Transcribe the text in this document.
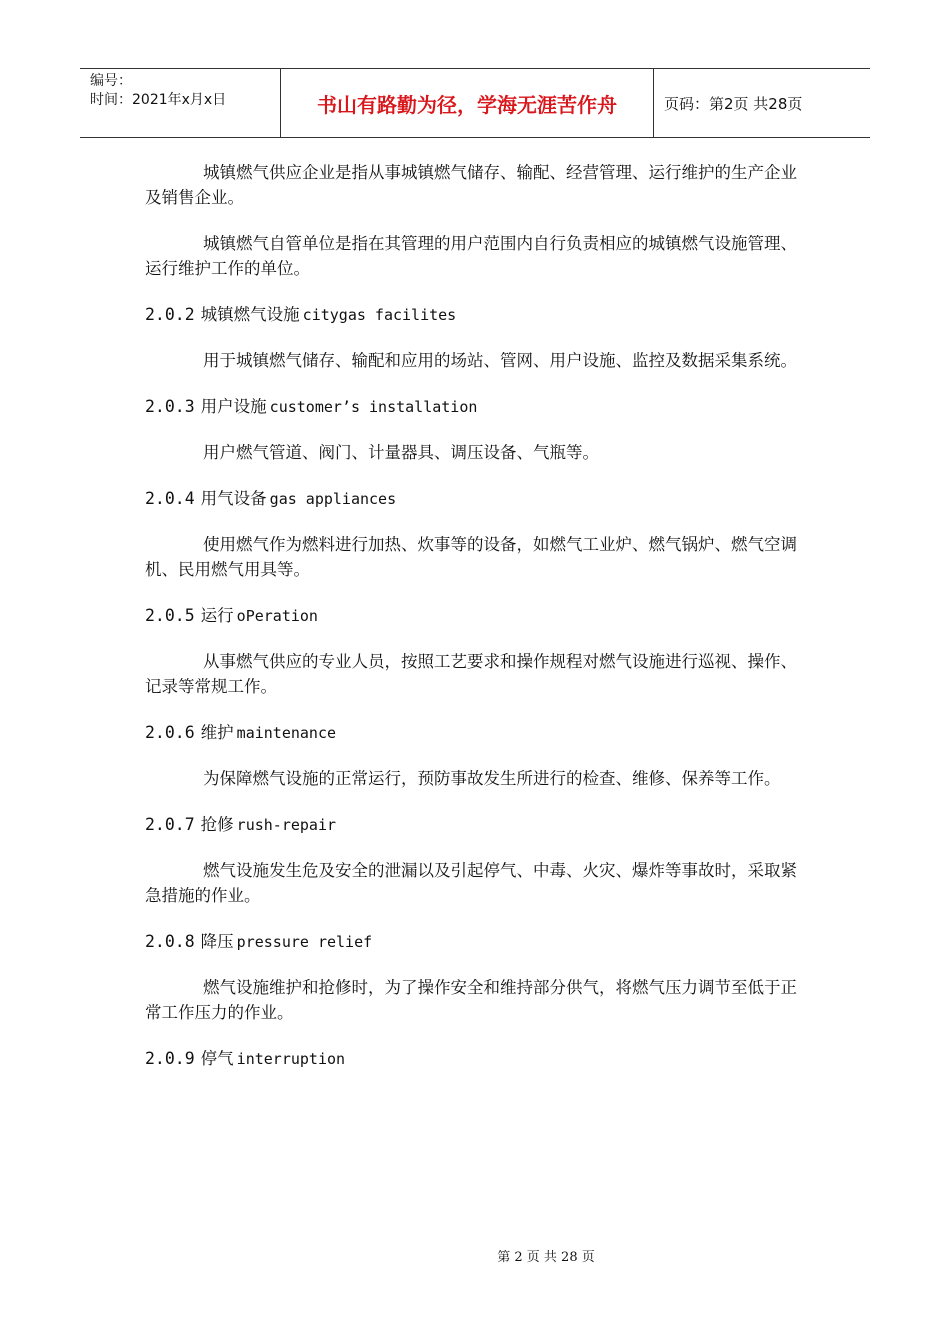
编号：
时间：2021年x月x日	书山有路勤为径，学海无涯苦作舟	页码：第2页 共28页

城镇燃气供应企业是指从事城镇燃气储存、输配、经营管理、运行维护的生产企业及销售企业。

城镇燃气自管单位是指在其管理的用户范围内自行负责相应的城镇燃气设施管理、运行维护工作的单位。

2.0.2 城镇燃气设施 citygas facilites

用于城镇燃气储存、输配和应用的场站、管网、用户设施、监控及数据采集系统。

2.0.3 用户设施 customer’s installation

用户燃气管道、阀门、计量器具、调压设备、气瓶等。

2.0.4 用气设备 gas appliances

使用燃气作为燃料进行加热、炊事等的设备，如燃气工业炉、燃气锅炉、燃气空调机、民用燃气用具等。

2.0.5 运行 oPeration

从事燃气供应的专业人员，按照工艺要求和操作规程对燃气设施进行巡视、操作、记录等常规工作。

2.0.6 维护 maintenance

为保障燃气设施的正常运行，预防事故发生所进行的检查、维修、保养等工作。

2.0.7 抢修 rush-repair

燃气设施发生危及安全的泄漏以及引起停气、中毒、火灾、爆炸等事故时，采取紧急措施的作业。

2.0.8 降压 pressure relief

燃气设施维护和抢修时，为了操作安全和维持部分供气，将燃气压力调节至低于正常工作压力的作业。

2.0.9 停气 interruption
第 2 页 共 28 页
